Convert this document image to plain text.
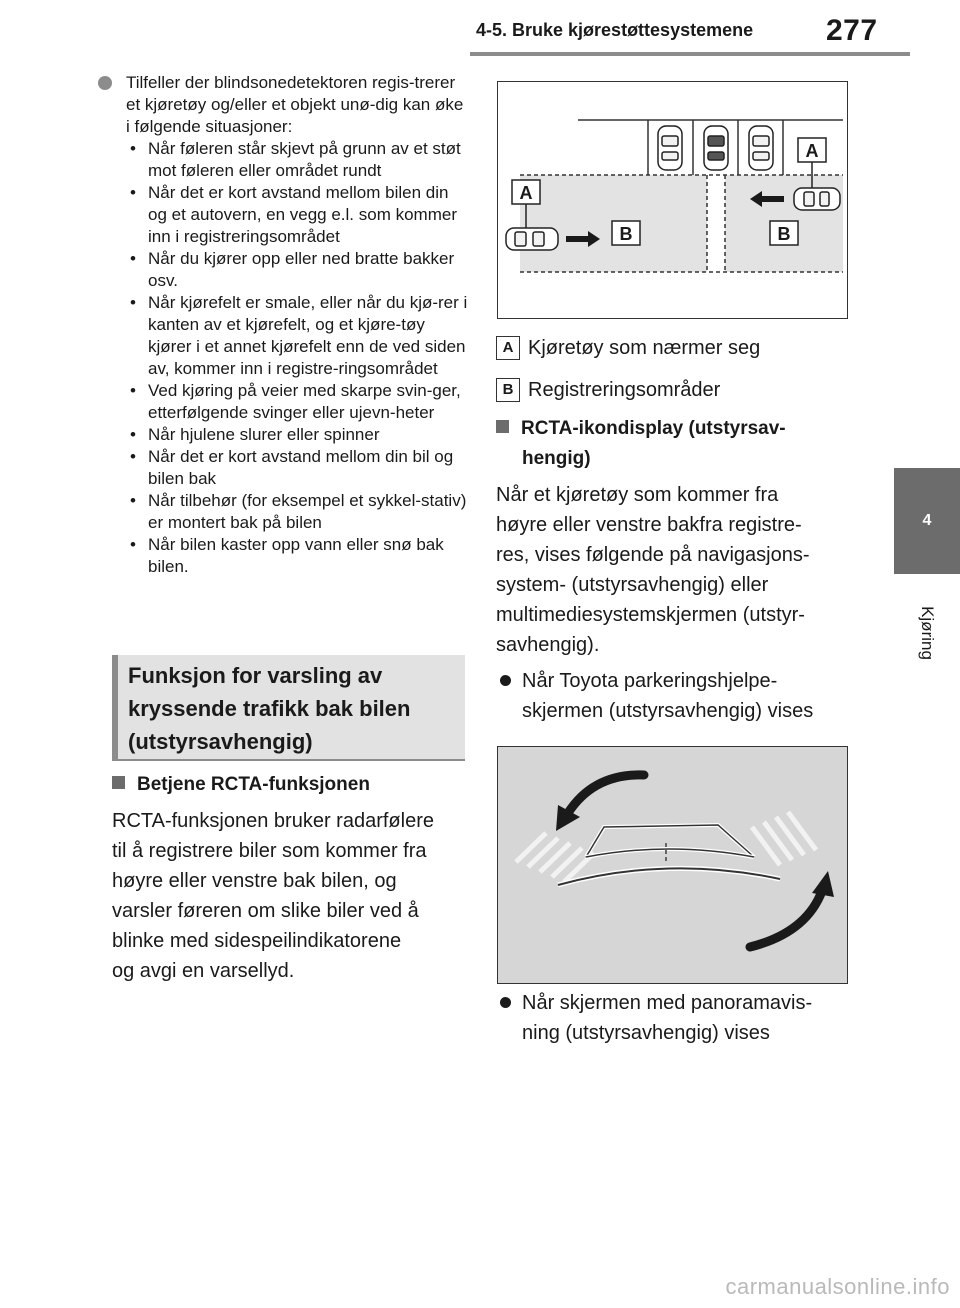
4-5. Bruke kjørestøttesystemene	277
4
Kjøring
Tilfeller der blindsonedetektoren regis-trerer et kjøretøy og/eller et objekt unø-dig kan øke i følgende situasjoner:
• Når føleren står skjevt på grunn av et støt mot føleren eller området rundt
• Når det er kort avstand mellom bilen din og et autovern, en vegg e.l. som kommer inn i registreringsområdet
• Når du kjører opp eller ned bratte bakker osv.
• Når kjørefelt er smale, eller når du kjø-rer i kanten av et kjørefelt, og et kjøre-tøy kjører i et annet kjørefelt enn de ved siden av, kommer inn i registre-ringsområdet
• Ved kjøring på veier med skarpe svin-ger, etterfølgende svinger eller ujevn-heter
• Når hjulene slurer eller spinner
• Når det er kort avstand mellom din bil og bilen bak
• Når tilbehør (for eksempel et sykkel-stativ) er montert bak på bilen
• Når bilen kaster opp vann eller snø bak bilen.
Funksjon for varsling av
kryssende trafikk bak bilen
(utstyrsavhengig)
Betjene RCTA-funksjonen
RCTA-funksjonen bruker radarfølere
til å registrere biler som kommer fra
høyre eller venstre bak bilen, og
varsler føreren om slike biler ved å
blinke med sidespeilindikatorene
og avgi en varsellyd.
A
A
B	B
A Kjøretøy som nærmer seg
B Registreringsområder
RCTA-ikondisplay (utstyrsav-
hengig)
Når et kjøretøy som kommer fra
høyre eller venstre bakfra registre-
res, vises følgende på navigasjons-
system- (utstyrsavhengig) eller
multimediesystemskjermen (utstyr-
savhengig).
Når Toyota parkeringshjelpe-
skjermen (utstyrsavhengig) vises
Når skjermen med panoramavis-
ning (utstyrsavhengig) vises
carmanualsonline.info
